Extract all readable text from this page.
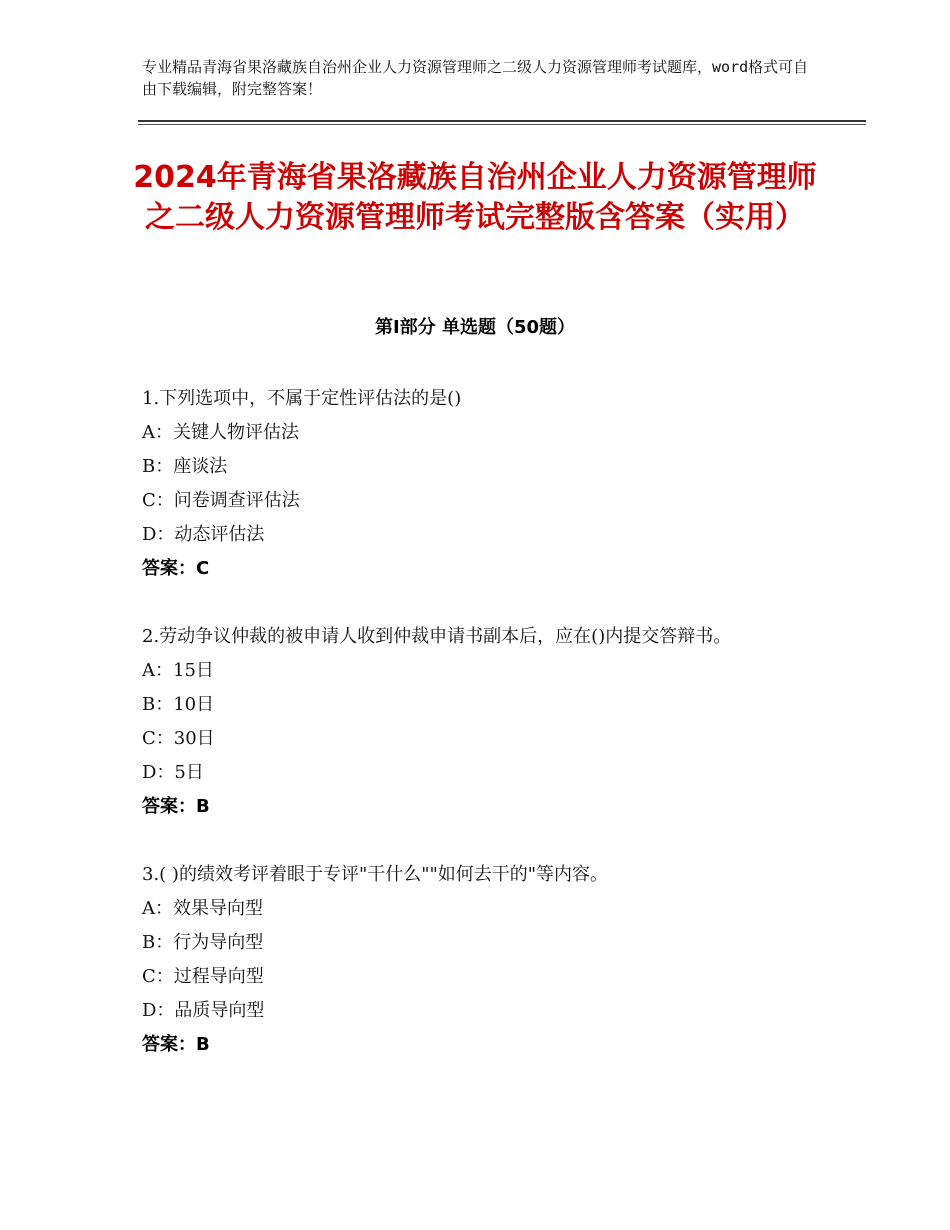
专业精品青海省果洛藏族自治州企业人力资源管理师之二级人力资源管理师考试题库，word格式可自由下载编辑，附完整答案！
2024年青海省果洛藏族自治州企业人力资源管理师之二级人力资源管理师考试完整版含答案（实用）
第Ⅰ部分 单选题（50题）
1.下列选项中，不属于定性评估法的是()
A：关键人物评估法
B：座谈法
C：问卷调查评估法
D：动态评估法
答案：C
2.劳动争议仲裁的被申请人收到仲裁申请书副本后，应在()内提交答辩书。
A：15日
B：10日
C：30日
D：5日
答案：B
3.( )的绩效考评着眼于专评"干什么""如何去干的"等内容。
A：效果导向型
B：行为导向型
C：过程导向型
D：品质导向型
答案：B
